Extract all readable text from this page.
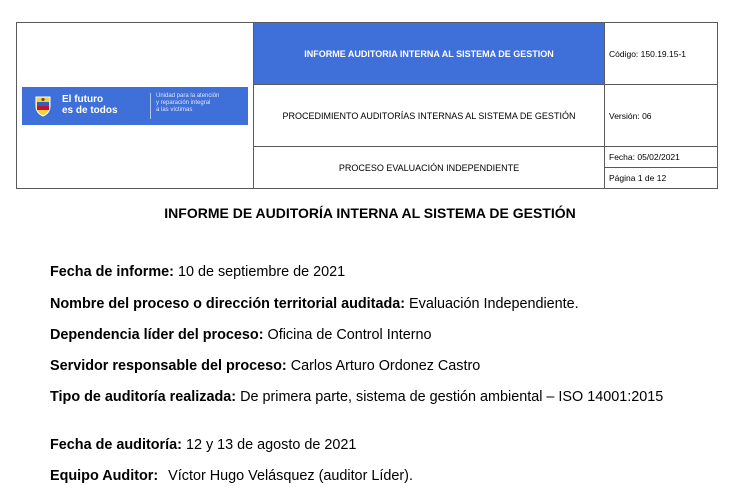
El futuro
es de todos
Unidad para la atención
y reparación integral
a las víctimas	INFORME AUDITORIA INTERNA AL SISTEMA DE GESTION	Código: 150.19.15-1
	PROCEDIMIENTO AUDITORÍAS INTERNAS AL SISTEMA DE GESTIÓN	Versión: 06
	PROCESO EVALUACIÓN INDEPENDIENTE	Fecha: 05/02/2021
Página 1 de 12
INFORME DE AUDITORÍA INTERNA AL SISTEMA DE GESTIÓN
Fecha de informe: 10 de septiembre de 2021
Nombre del proceso o dirección territorial auditada: Evaluación Independiente.
Dependencia líder del proceso: Oficina de Control Interno
Servidor responsable del proceso: Carlos Arturo Ordonez Castro
Tipo de auditoría realizada: De primera parte, sistema de gestión ambiental – ISO 14001:2015
Fecha de auditoría: 12 y 13 de agosto de 2021
Equipo Auditor: Víctor Hugo Velásquez (auditor Líder).
